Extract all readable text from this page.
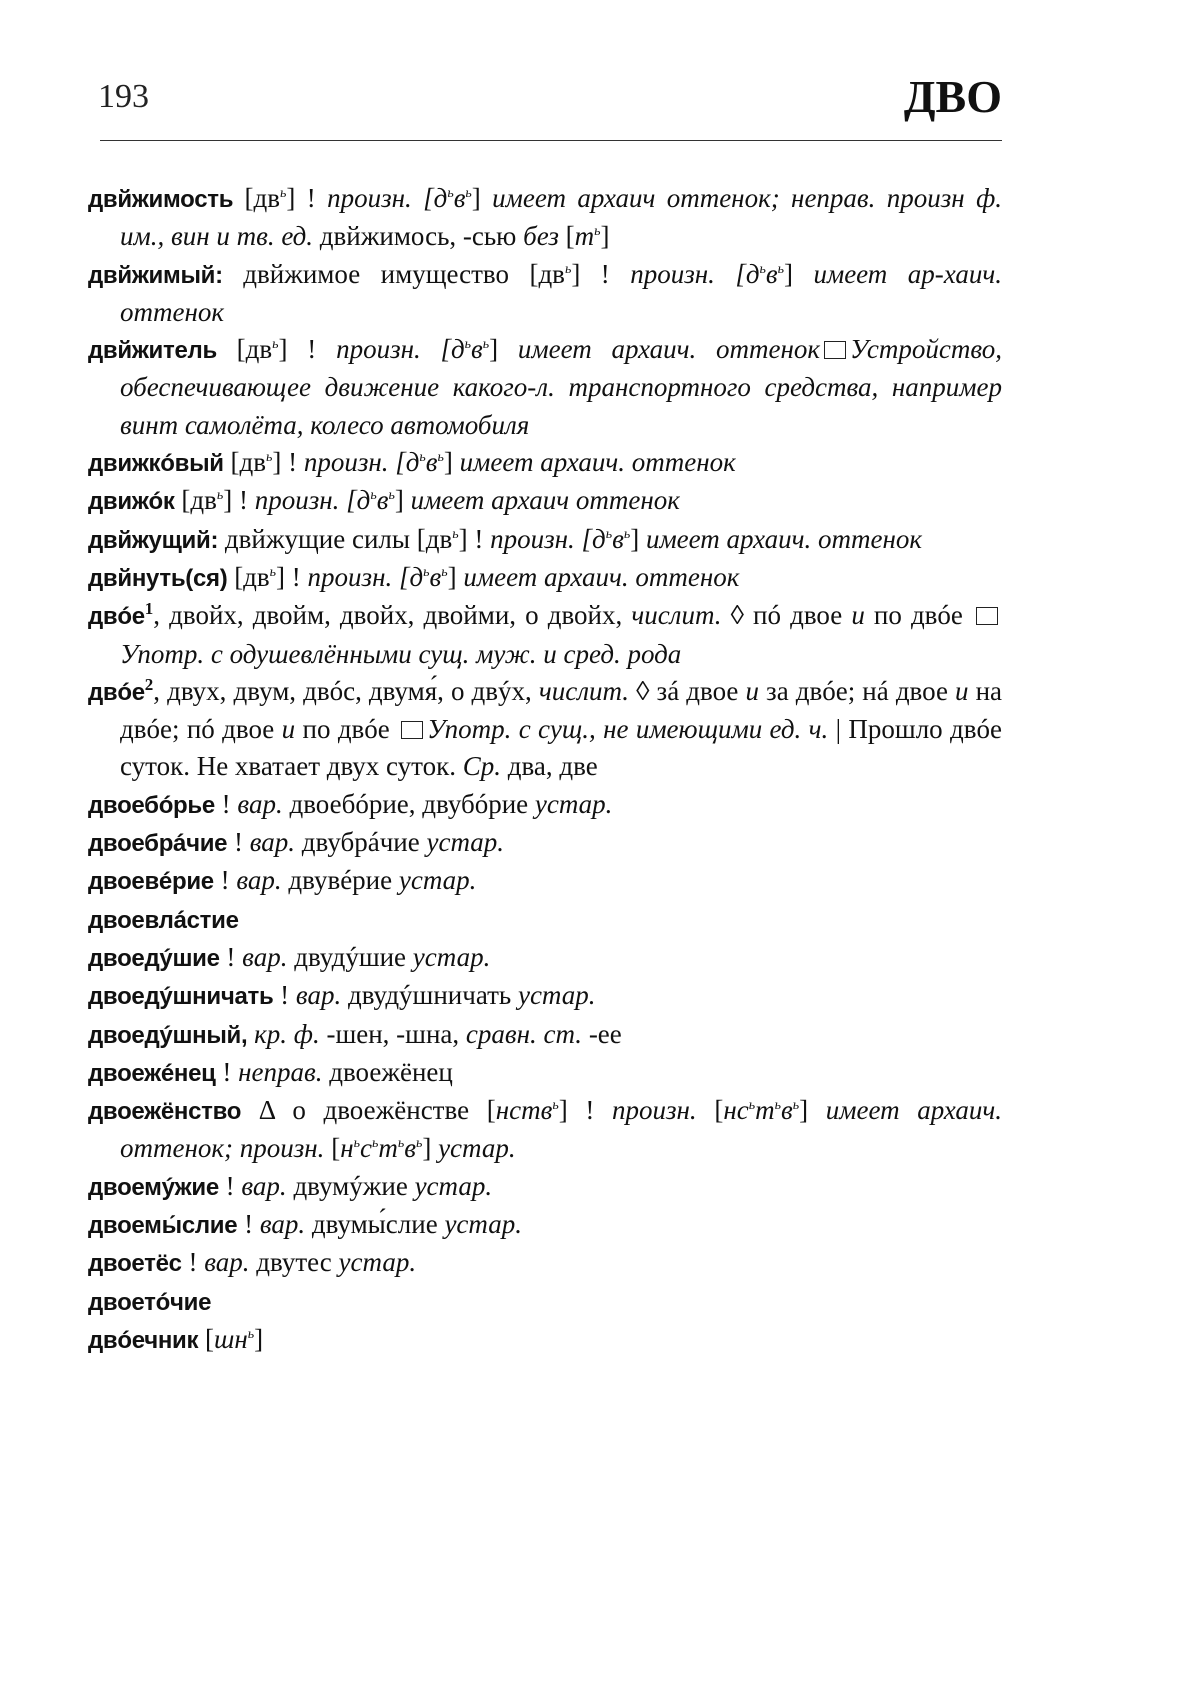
193	ДВО

двйжимость $[дв^ь]$ ! произн. $[д^ьв^ь]$ имеет архаич оттенок; неправ. произн ф. им., вин и тв. ед. двйжимось, -сью без $[т^ь]$

двйжимый: двйжимое имущество $[дв^ь]$ ! произн. $[д^ьв^ь]$ имеет ар-хаич. оттенок

двйжитель $[дв^ь]$ ! произн. $[д^ьв^ь]$ имеет архаич. оттенок Устройство, обеспечивающее движение какого-л. транспортного средства, например винт самолёта, колесо автомобиля

движкóвый $[дв^ь]$ ! произн. $[д^ьв^ь]$ имеет архаич. оттенок

движóк $[дв^ь]$ ! произн. $[д^ьв^ь]$ имеет архаич оттенок

двйжущий: двйжущие силы $[дв^ь]$ ! произн. $[д^ьв^ь]$ имеет архаич. оттенок

двйнуть(ся) $[дв^ь]$ ! произн. $[д^ьв^ь]$ имеет архаич. оттенок

двóе$^1$, двойх, двойм, двойх, двойми, о двойх, числит. ◊ пó двое и по двóе Употр. с одушевлёнными сущ. муж. и сред. рода

двóе$^2$, двух, двум, двóс, двумя́, о двýх, числит. ◊ зá двое и за двóе; нá двое и на двóе; пó двое и по двóе Употр. с сущ., не имеющими ед. ч. | Прошло двóе суток. Не хватает двух суток. Ср. два, две

двоебóрье ! вар. двоебóрие, двубóрие устар.

двоебрáчие ! вар. двубрáчие устар.

двоевéрие ! вар. двувéрие устар.

двоевлáстие

двоедýшие ! вар. двудýшие устар.

двоедýшничать ! вар. двудýшничать устар.

двоедýшный, кр. ф. -шен, -шна, сравн. ст. -ее

двоежéнец ! неправ. двоежёнец

двоежёнство Δ о двоежёнстве [нств$^ь$] ! произн. $[нс^ьт^ьв^ь]$ имеет архаич. оттенок; произн. $[н^ьс^ьт^ьв^ь]$ устар.

двоемýжие ! вар. двумýжие устар.

двоемы́слие ! вар. двумы́слие устар.

двоетёс ! вар. двутес устар.

двоетóчие

двóечник $[шн^ь]$
